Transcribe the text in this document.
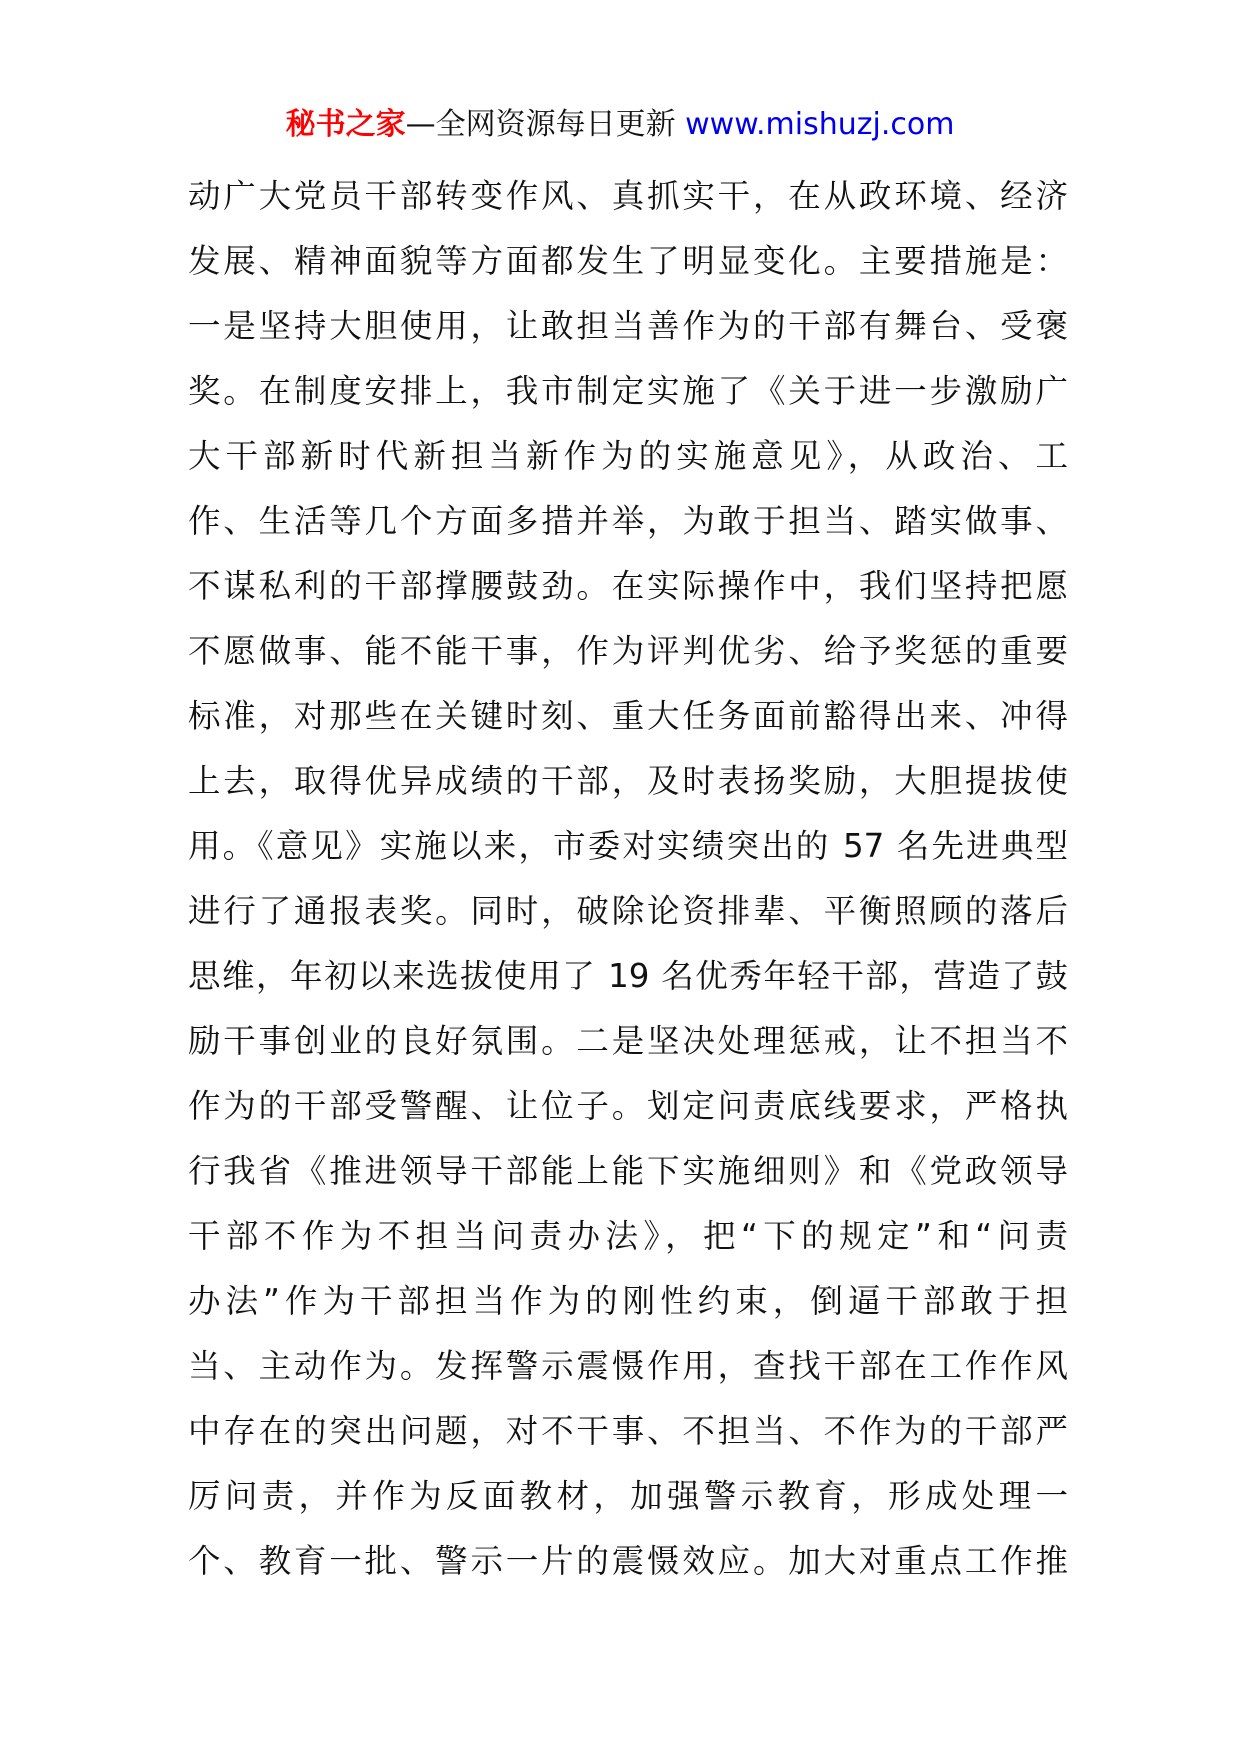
秘书之家—全网资源每日更新 www.mishuzj.com
动广大党员干部转变作风、真抓实干，在从政环境、经济
发展、精神面貌等方面都发生了明显变化。主要措施是：
一是坚持大胆使用，让敢担当善作为的干部有舞台、受褒
奖。在制度安排上，我市制定实施了《关于进一步激励广
大干部新时代新担当新作为的实施意见》，从政治、工
作、生活等几个方面多措并举，为敢于担当、踏实做事、
不谋私利的干部撑腰鼓劲。在实际操作中，我们坚持把愿
不愿做事、能不能干事，作为评判优劣、给予奖惩的重要
标准，对那些在关键时刻、重大任务面前豁得出来、冲得
上去，取得优异成绩的干部，及时表扬奖励，大胆提拔使
用。《意见》实施以来，市委对实绩突出的 57 名先进典型
进行了通报表奖。同时，破除论资排辈、平衡照顾的落后
思维，年初以来选拔使用了 19 名优秀年轻干部，营造了鼓
励干事创业的良好氛围。二是坚决处理惩戒，让不担当不
作为的干部受警醒、让位子。划定问责底线要求，严格执
行我省《推进领导干部能上能下实施细则》和《党政领导
干部不作为不担当问责办法》，把“下的规定”和“问责
办法”作为干部担当作为的刚性约束，倒逼干部敢于担
当、主动作为。发挥警示震慑作用，查找干部在工作作风
中存在的突出问题，对不干事、不担当、不作为的干部严
厉问责，并作为反面教材，加强警示教育，形成处理一
个、教育一批、警示一片的震慑效应。加大对重点工作推
